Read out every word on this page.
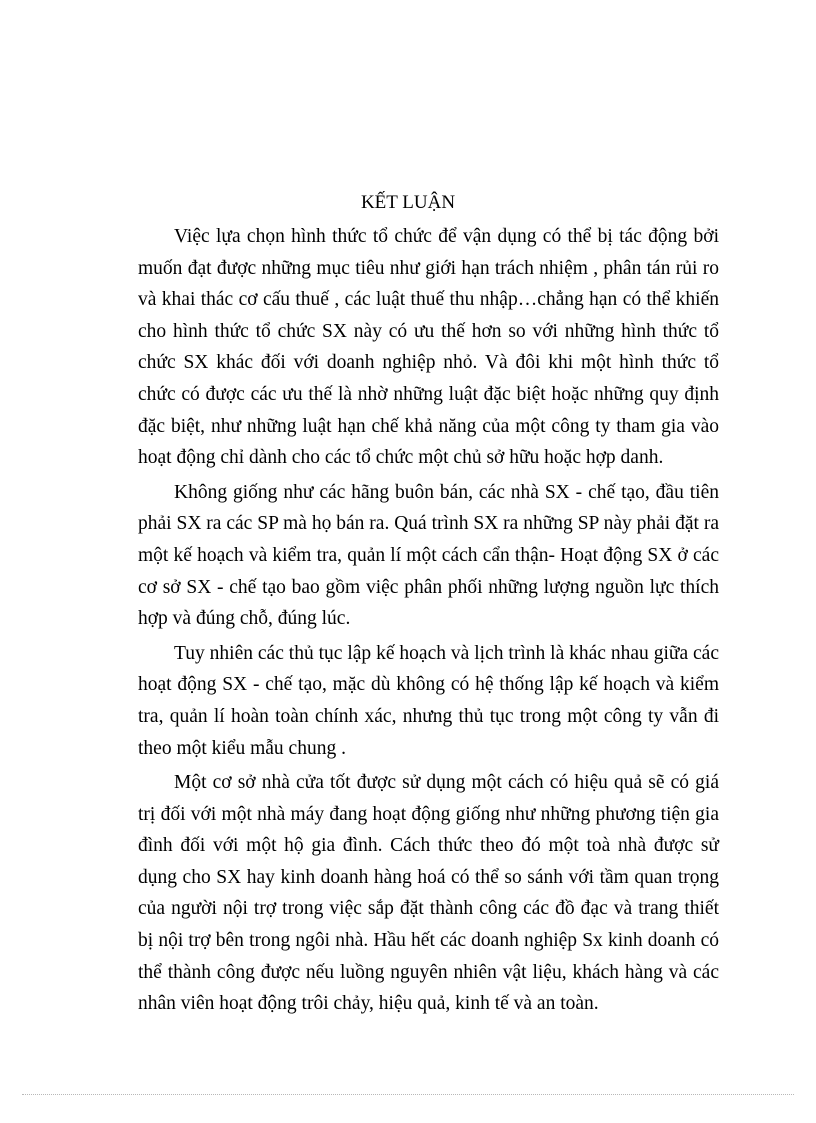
KẾT LUẬN

Việc lựa chọn hình thức tổ chức để vận dụng có thể bị tác động bởi muốn đạt được những mục tiêu như giới hạn trách nhiệm , phân tán rủi ro và khai thác cơ cấu thuế , các luật thuế thu nhập…chẳng hạn có thể khiến cho hình thức tổ chức SX này có ưu thế hơn so với những hình thức tổ chức SX khác đối với doanh nghiệp nhỏ. Và đôi khi một hình thức tổ chức có được các ưu thế là nhờ những luật đặc biệt hoặc những quy định đặc biệt, như những luật hạn chế khả năng của một công ty tham gia vào hoạt động chỉ dành cho các tổ chức một chủ sở hữu hoặc hợp danh.

Không giống như các hãng buôn bán, các nhà SX - chế tạo, đầu tiên phải SX ra các SP mà họ bán ra. Quá trình SX ra những SP này phải đặt ra một kế hoạch và kiểm tra, quản lí một cách cẩn thận- Hoạt động SX ở các cơ sở SX - chế tạo bao gồm việc phân phối những lượng nguồn lực thích hợp và đúng chỗ, đúng lúc.

Tuy nhiên các thủ tục lập kế hoạch và lịch trình là khác nhau giữa các hoạt động SX - chế tạo, mặc dù không có hệ thống lập kế hoạch và kiểm tra, quản lí hoàn toàn chính xác, nhưng thủ tục trong một công ty vẫn đi theo một kiểu mẫu chung .

Một cơ sở nhà cửa tốt được sử dụng một cách có hiệu quả sẽ có giá trị đối với một nhà máy đang hoạt động giống như những phương tiện gia đình đối với một hộ gia đình. Cách thức theo đó một toà nhà được sử dụng cho SX hay kinh doanh hàng hoá có thể so sánh với tầm quan trọng của người nội trợ trong việc sắp đặt thành công các đồ đạc và trang thiết bị nội trợ bên trong ngôi nhà. Hầu hết các doanh nghiệp Sx kinh doanh có thể thành công được nếu luồng nguyên nhiên vật liệu, khách hàng và các nhân viên hoạt động trôi chảy, hiệu quả, kinh tế và an toàn.
